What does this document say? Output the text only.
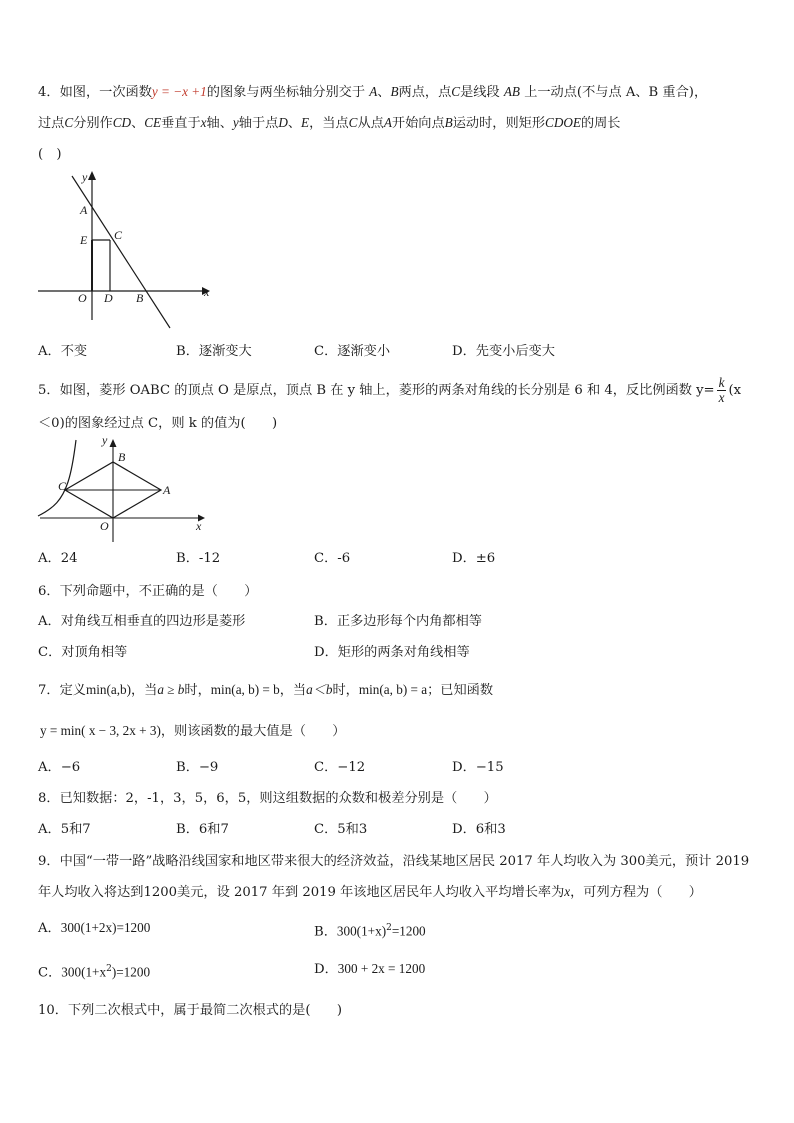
4．如图，一次函数y = −x +1的图象与两坐标轴分别交于 A、B两点，点C是线段 AB 上一动点(不与点 A、B 重合)，
过点C分别作CD、CE垂直于x轴、y轴于点D、E，当点C从点A开始向点B运动时，则矩形CDOE的周长
(　)
y
x
A
E C
O D B
A．不变	B．逐渐变大	C．逐渐变小	D．先变小后变大
5．如图，菱形 OABC 的顶点 O 是原点，顶点 B 在 y 轴上，菱形的两条对角线的长分别是 6 和 4，反比例函数 $y= \frac{k}{x} (x$
＜0)的图象经过点 C，则 k 的值为(　　)
y
x
B
C	A
O
A．24	B．-12	C．-6	D．±6
6．下列命题中，不正确的是（　　）
A．对角线互相垂直的四边形是菱形	B．正多边形每个内角都相等
C．对顶角相等	D．矩形的两条对角线相等
7．定义min(a,b)，当a ≥ b时，min(a, b) = b，当a＜b时，min(a, b) = a；已知函数
y = min( x − 3, 2x + 3)，则该函数的最大值是（　　）
A．−6	B．−9	C．−12	D．−15
8．已知数据：2，-1，3，5，6，5，则这组数据的众数和极差分别是（　　）
A．5和7	B．6和7	C．5和3	D．6和3
9．中国“一带一路”战略沿线国家和地区带来很大的经济效益，沿线某地区居民 2017 年人均收入为 300美元，预计 2019
年人均收入将达到1200美元，设 2017 年到 2019 年该地区居民年人均收入平均增长率为x，可列方程为（　　）
A．300(1+2x)=1200	B．$300(1+x)^2=1200$
C．$300(1+x^2)=1200$	D．300 + 2x = 1200
10．下列二次根式中，属于最简二次根式的是(　　)
